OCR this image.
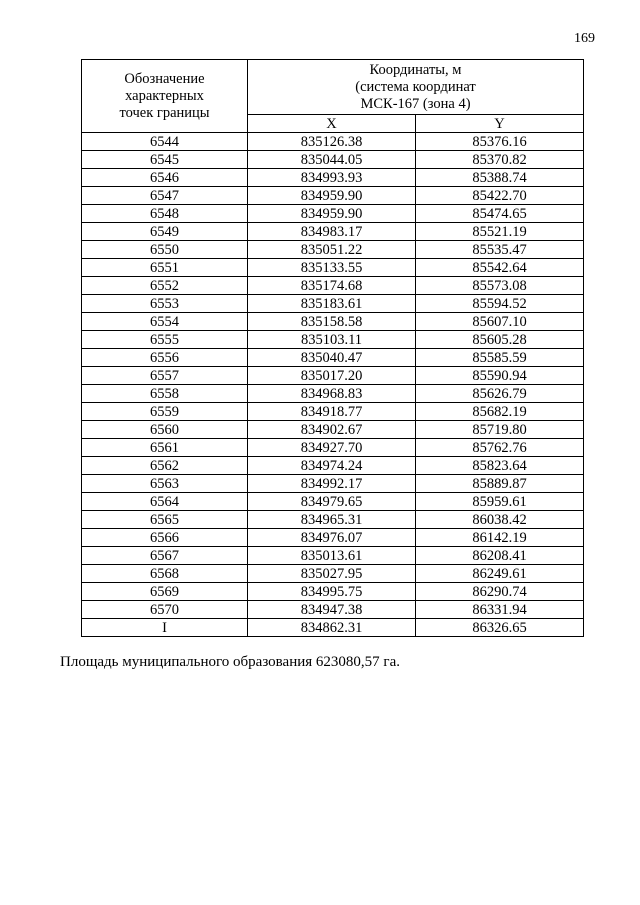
169
Обозначение
характерных
точек границы	Координаты, м
(система координат
МСК-167 (зона 4)	

	X	Y
6544	835126.38	85376.16
6545	835044.05	85370.82
6546	834993.93	85388.74
6547	834959.90	85422.70
6548	834959.90	85474.65
6549	834983.17	85521.19
6550	835051.22	85535.47
6551	835133.55	85542.64
6552	835174.68	85573.08
6553	835183.61	85594.52
6554	835158.58	85607.10
6555	835103.11	85605.28
6556	835040.47	85585.59
6557	835017.20	85590.94
6558	834968.83	85626.79
6559	834918.77	85682.19
6560	834902.67	85719.80
6561	834927.70	85762.76
6562	834974.24	85823.64
6563	834992.17	85889.87
6564	834979.65	85959.61
6565	834965.31	86038.42
6566	834976.07	86142.19
6567	835013.61	86208.41
6568	835027.95	86249.61
6569	834995.75	86290.74
6570	834947.38	86331.94
I	834862.31	86326.65
Площадь муниципального образования 623080,57 га.
